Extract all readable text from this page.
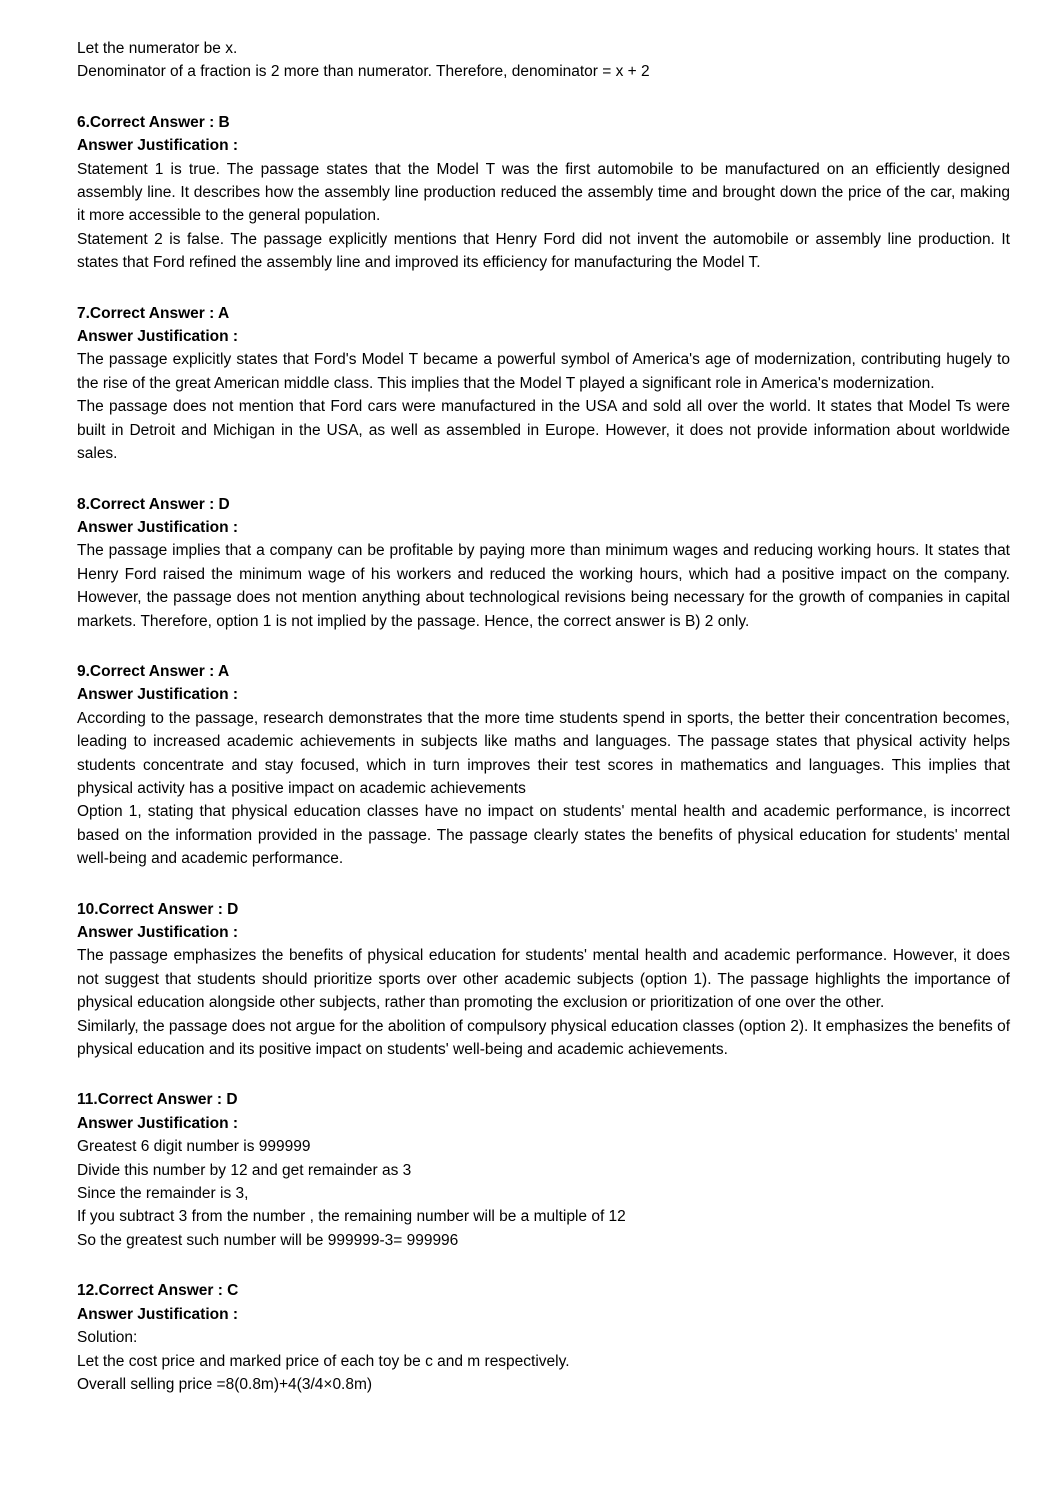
Let the numerator be x.
Denominator of a fraction is 2 more than numerator. Therefore, denominator = x + 2
6.Correct Answer : B
Answer Justification :

Statement 1 is true. The passage states that the Model T was the first automobile to be manufactured on an efficiently designed assembly line. It describes how the assembly line production reduced the assembly time and brought down the price of the car, making it more accessible to the general population.

Statement 2 is false. The passage explicitly mentions that Henry Ford did not invent the automobile or assembly line production. It states that Ford refined the assembly line and improved its efficiency for manufacturing the Model T.

7.Correct Answer : A
Answer Justification :

The passage explicitly states that Ford's Model T became a powerful symbol of America's age of modernization, contributing hugely to the rise of the great American middle class. This implies that the Model T played a significant role in America's modernization.

The passage does not mention that Ford cars were manufactured in the USA and sold all over the world. It states that Model Ts were built in Detroit and Michigan in the USA, as well as assembled in Europe. However, it does not provide information about worldwide sales.

8.Correct Answer : D
Answer Justification :

The passage implies that a company can be profitable by paying more than minimum wages and reducing working hours. It states that Henry Ford raised the minimum wage of his workers and reduced the working hours, which had a positive impact on the company. However, the passage does not mention anything about technological revisions being necessary for the growth of companies in capital markets. Therefore, option 1 is not implied by the passage. Hence, the correct answer is B) 2 only.

9.Correct Answer : A
Answer Justification :

According to the passage, research demonstrates that the more time students spend in sports, the better their concentration becomes, leading to increased academic achievements in subjects like maths and languages. The passage states that physical activity helps students concentrate and stay focused, which in turn improves their test scores in mathematics and languages. This implies that physical activity has a positive impact on academic achievements

Option 1, stating that physical education classes have no impact on students' mental health and academic performance, is incorrect based on the information provided in the passage. The passage clearly states the benefits of physical education for students' mental well-being and academic performance.

10.Correct Answer : D
Answer Justification :

The passage emphasizes the benefits of physical education for students' mental health and academic performance. However, it does not suggest that students should prioritize sports over other academic subjects (option 1). The passage highlights the importance of physical education alongside other subjects, rather than promoting the exclusion or prioritization of one over the other.

Similarly, the passage does not argue for the abolition of compulsory physical education classes (option 2). It emphasizes the benefits of physical education and its positive impact on students' well-being and academic achievements.

11.Correct Answer : D
Answer Justification :
Greatest 6 digit number is 999999
Divide this number by 12 and get remainder as 3
Since the remainder is 3,
If you subtract 3 from the number , the remaining number will be a multiple of 12
So the greatest such number will be 999999-3= 999996
12.Correct Answer : C
Answer Justification :
Solution:
Let the cost price and marked price of each toy be c and m respectively.
Overall selling price =8(0.8m)+4(3/4×0.8m)
